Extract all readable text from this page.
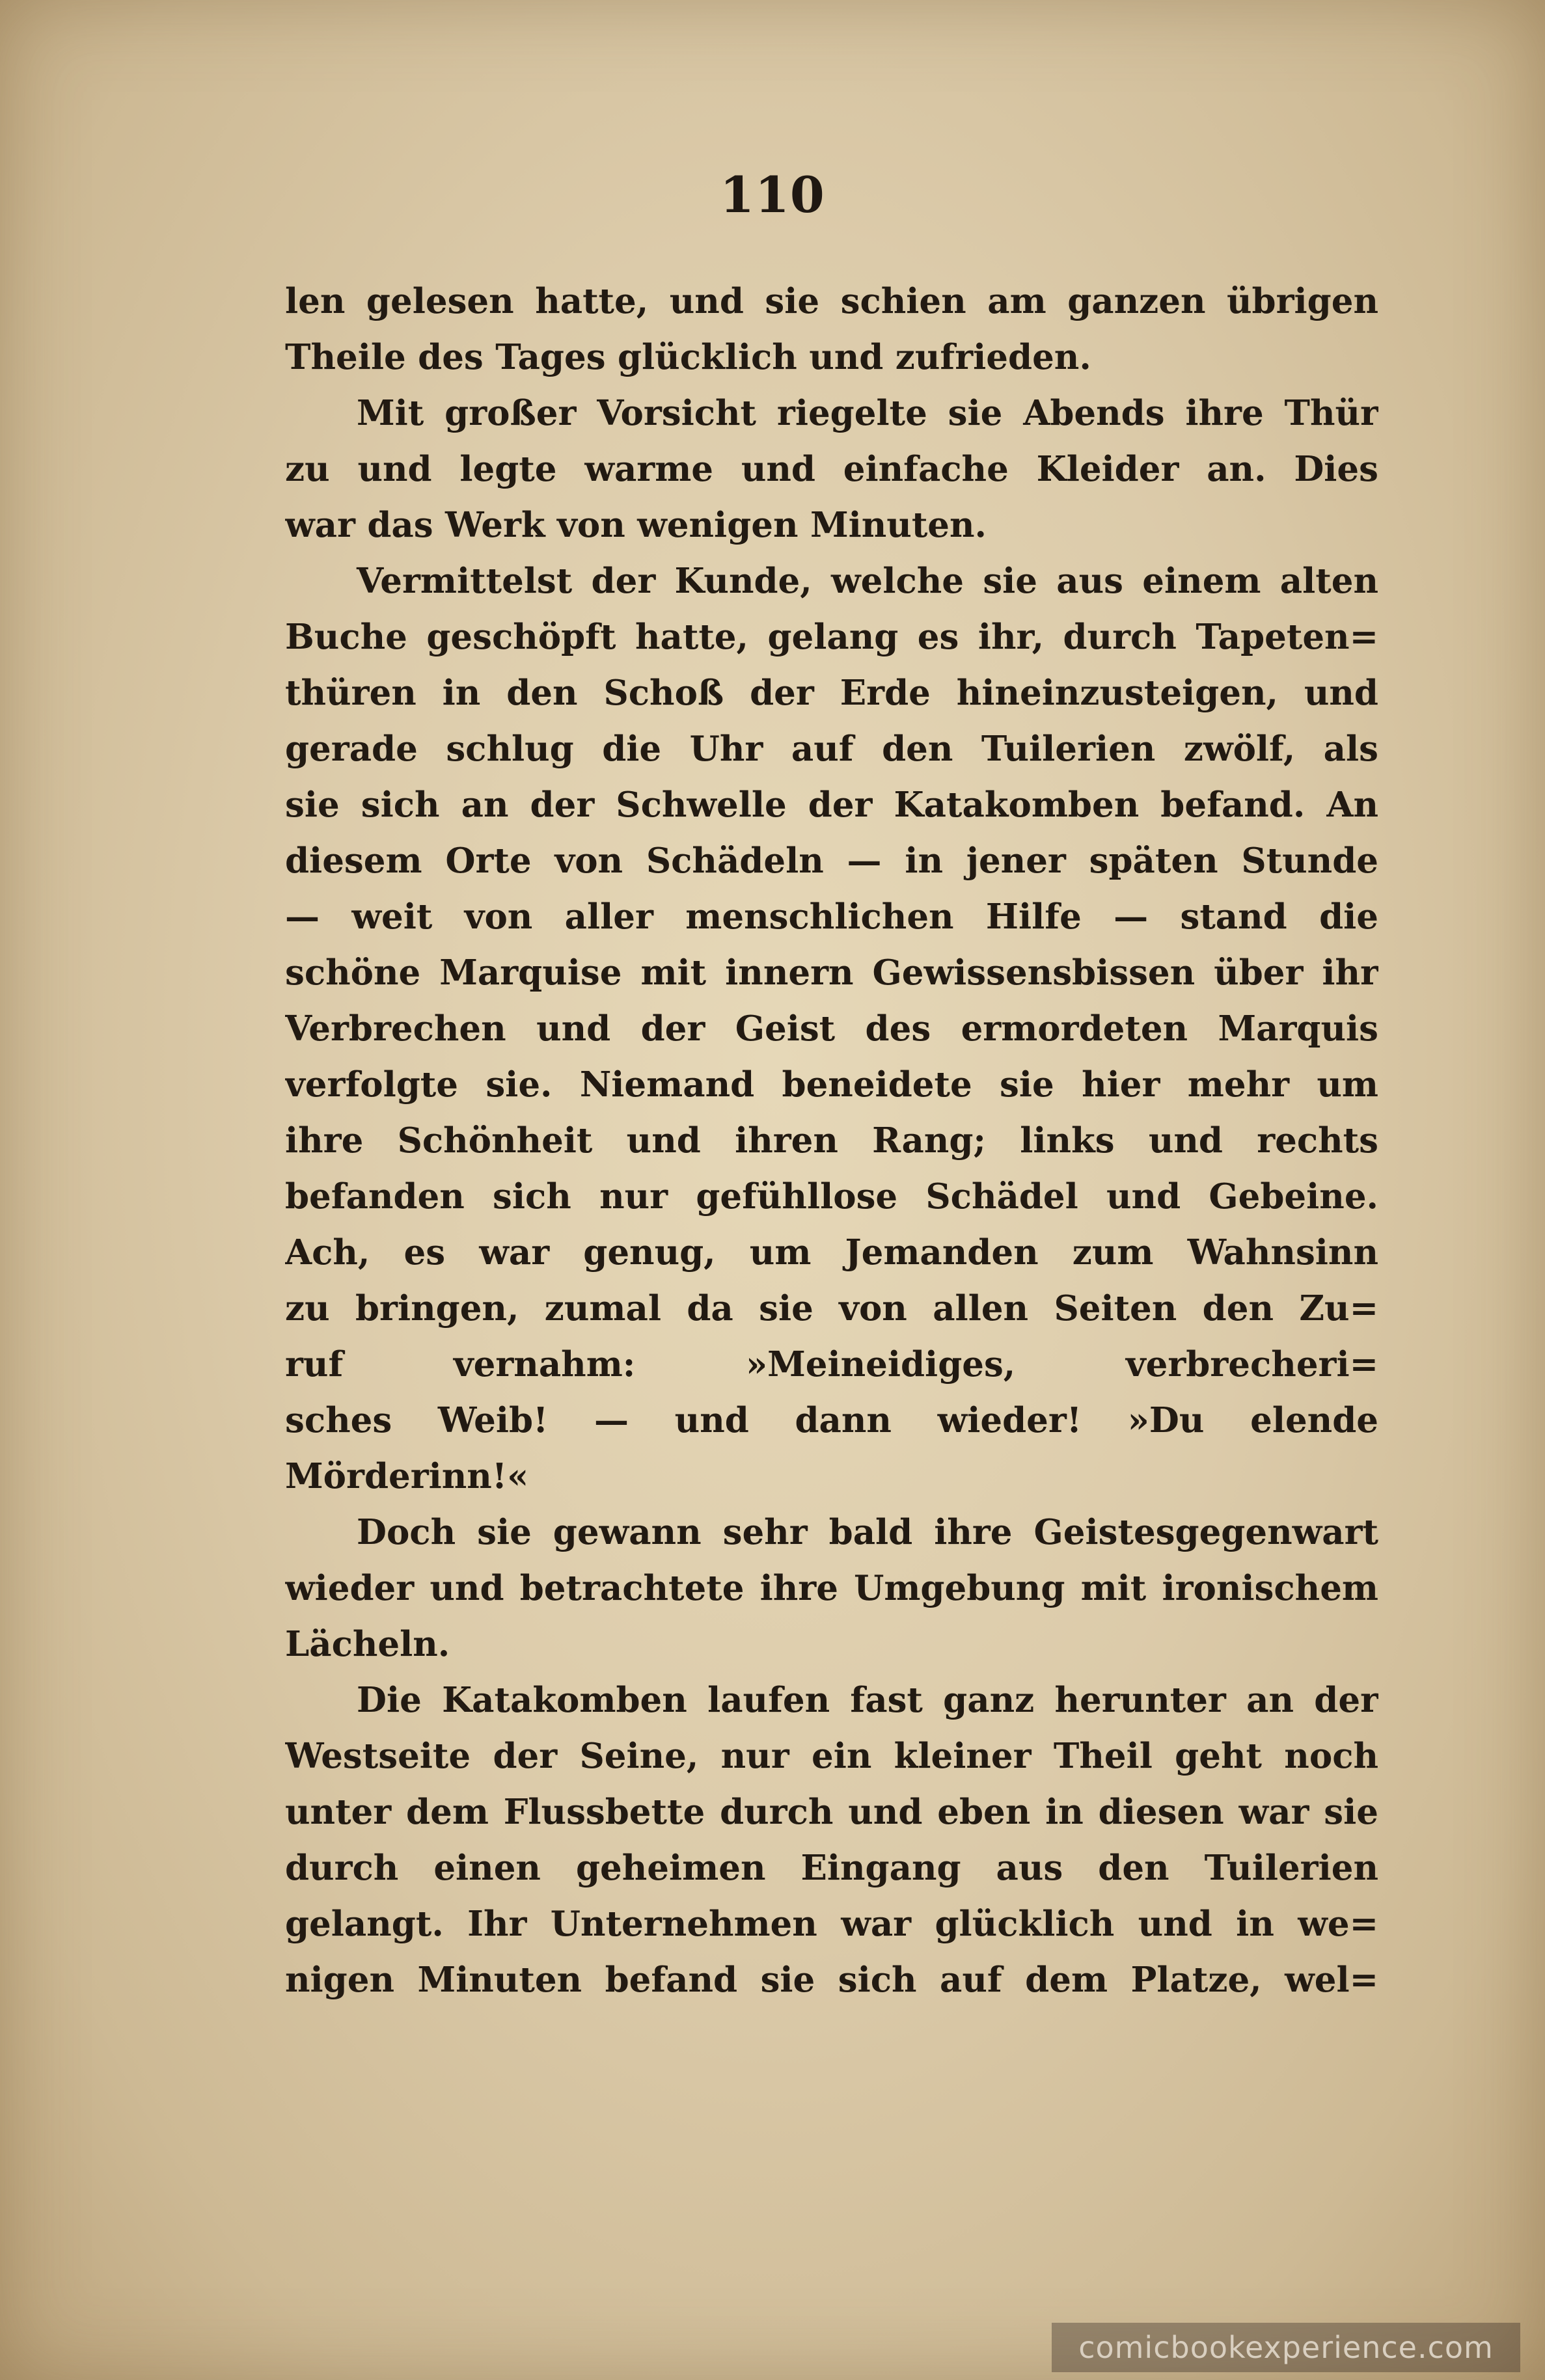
110
len gelesen hatte, und sie schien am ganzen übrigen
Theile des Tages glücklich und zufrieden.
Mit großer Vorsicht riegelte sie Abends ihre Thür
zu und legte warme und einfache Kleider an. Dies
war das Werk von wenigen Minuten.
Vermittelst der Kunde, welche sie aus einem alten
Buche geschöpft hatte, gelang es ihr, durch Tapeten=
thüren in den Schoß der Erde hineinzusteigen, und
gerade schlug die Uhr auf den Tuilerien zwölf, als
sie sich an der Schwelle der Katakomben befand. An
diesem Orte von Schädeln — in jener späten Stunde
— weit von aller menschlichen Hilfe — stand die
schöne Marquise mit innern Gewissensbissen über ihr
Verbrechen und der Geist des ermordeten Marquis
verfolgte sie. Niemand beneidete sie hier mehr um
ihre Schönheit und ihren Rang; links und rechts
befanden sich nur gefühllose Schädel und Gebeine.
Ach, es war genug, um Jemanden zum Wahnsinn
zu bringen, zumal da sie von allen Seiten den Zu=
ruf vernahm: »Meineidiges, verbrecheri=
sches Weib! — und dann wieder! »Du elende
Mörderinn!«
Doch sie gewann sehr bald ihre Geistesgegenwart
wieder und betrachtete ihre Umgebung mit ironischem
Lächeln.
Die Katakomben laufen fast ganz herunter an der
Westseite der Seine, nur ein kleiner Theil geht noch
unter dem Flussbette durch und eben in diesen war sie
durch einen geheimen Eingang aus den Tuilerien
gelangt. Ihr Unternehmen war glücklich und in we=
nigen Minuten befand sie sich auf dem Platze, wel=
comicbookexperience.com
